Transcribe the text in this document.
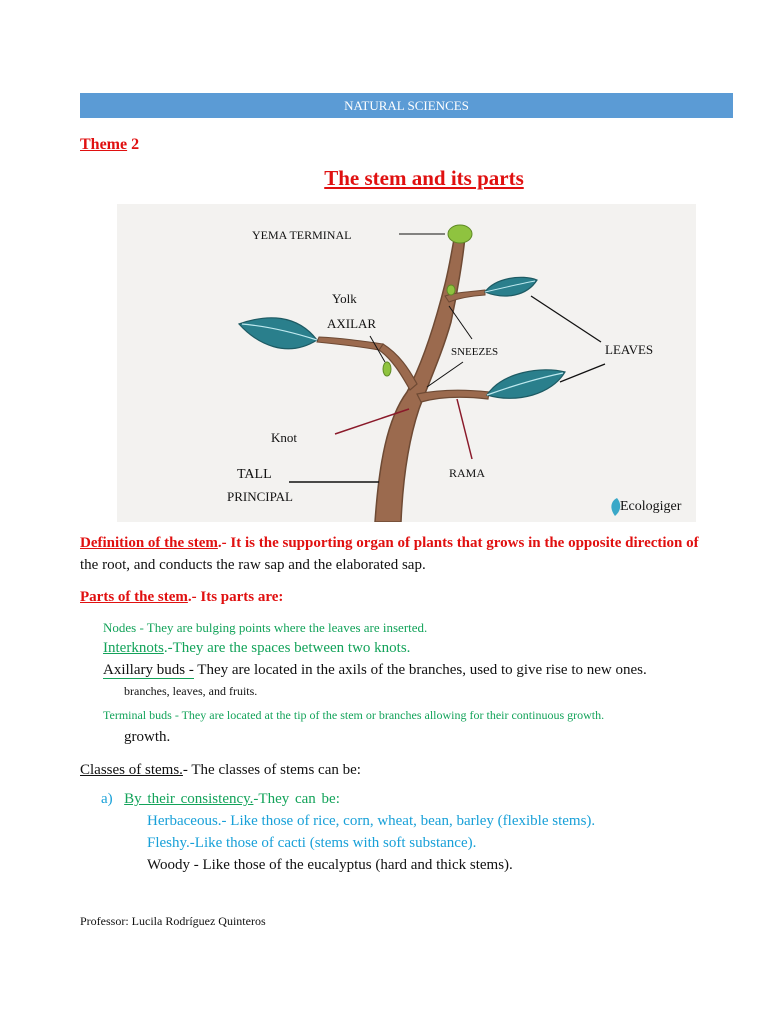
NATURAL SCIENCES
Theme 2
The stem and its parts
YEMA TERMINAL
Yolk
AXILAR
SNEEZES	LEAVES
Knot
RAMA
TALL
PRINCIPAL
Ecologiger
Definition of the stem.- It is the supporting organ of plants that grows in the opposite direction of
the root, and conducts the raw sap and the elaborated sap.
Parts of the stem.- Its parts are:
Nodes - They are bulging points where the leaves are inserted.
Interknots.-They are the spaces between two knots.
Axillary buds - They are located in the axils of the branches, used to give rise to new ones.
branches, leaves, and fruits.
Terminal buds - They are located at the tip of the stem or branches allowing for their continuous growth.
growth.
Classes of stems.- The classes of stems can be:
a) By their consistency.-They can be:
Herbaceous.- Like those of rice, corn, wheat, bean, barley (flexible stems).
Fleshy.-Like those of cacti (stems with soft substance).
Woody - Like those of the eucalyptus (hard and thick stems).
Professor: Lucila Rodríguez Quinteros
